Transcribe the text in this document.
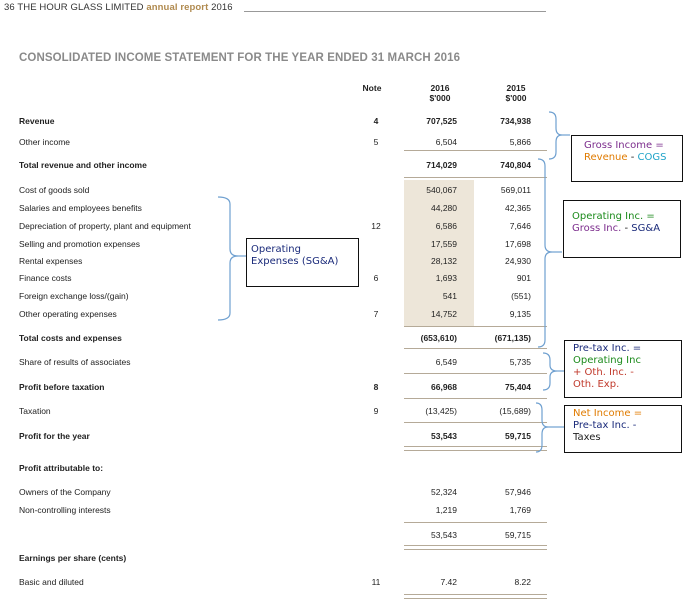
36 THE HOUR GLASS LIMITED annual report 2016
CONSOLIDATED INCOME STATEMENT FOR THE YEAR ENDED 31 MARCH 2016
Note	2016
$'000
2015
$'000
Revenue	4	707,525	734,938
Other income	5	6,504	5,866
Total revenue and other income	714,029	740,804
Cost of goods sold	540,067	569,011
Salaries and employees benefits	44,280	42,365
Depreciation of property, plant and equipment	12	6,586	7,646
Selling and promotion expenses	17,559	17,698
Rental expenses	28,132	24,930
Finance costs	6	1,693	901
Foreign exchange loss/(gain)	541	(551)
Other operating expenses	7	14,752	9,135
Total costs and expenses	(653,610)	(671,135)
Share of results of associates	6,549	5,735
Profit before taxation	8	66,968	75,404
Taxation	9	(13,425)	(15,689)
Profit for the year	53,543	59,715
Profit attributable to:
Owners of the Company	52,324	57,946
Non-controlling interests	1,219	1,769
53,543	59,715
Earnings per share (cents)
Basic and diluted	11	7.42	8.22
Gross Income =
Revenue - COGS
Operating Inc. =
Gross Inc. - SG&A
Operating
Expenses (SG&A)
Pre-tax Inc. =
Operating Inc
+ Oth. Inc. -
Oth. Exp.
Net Income =
Pre-tax Inc. -
Taxes
